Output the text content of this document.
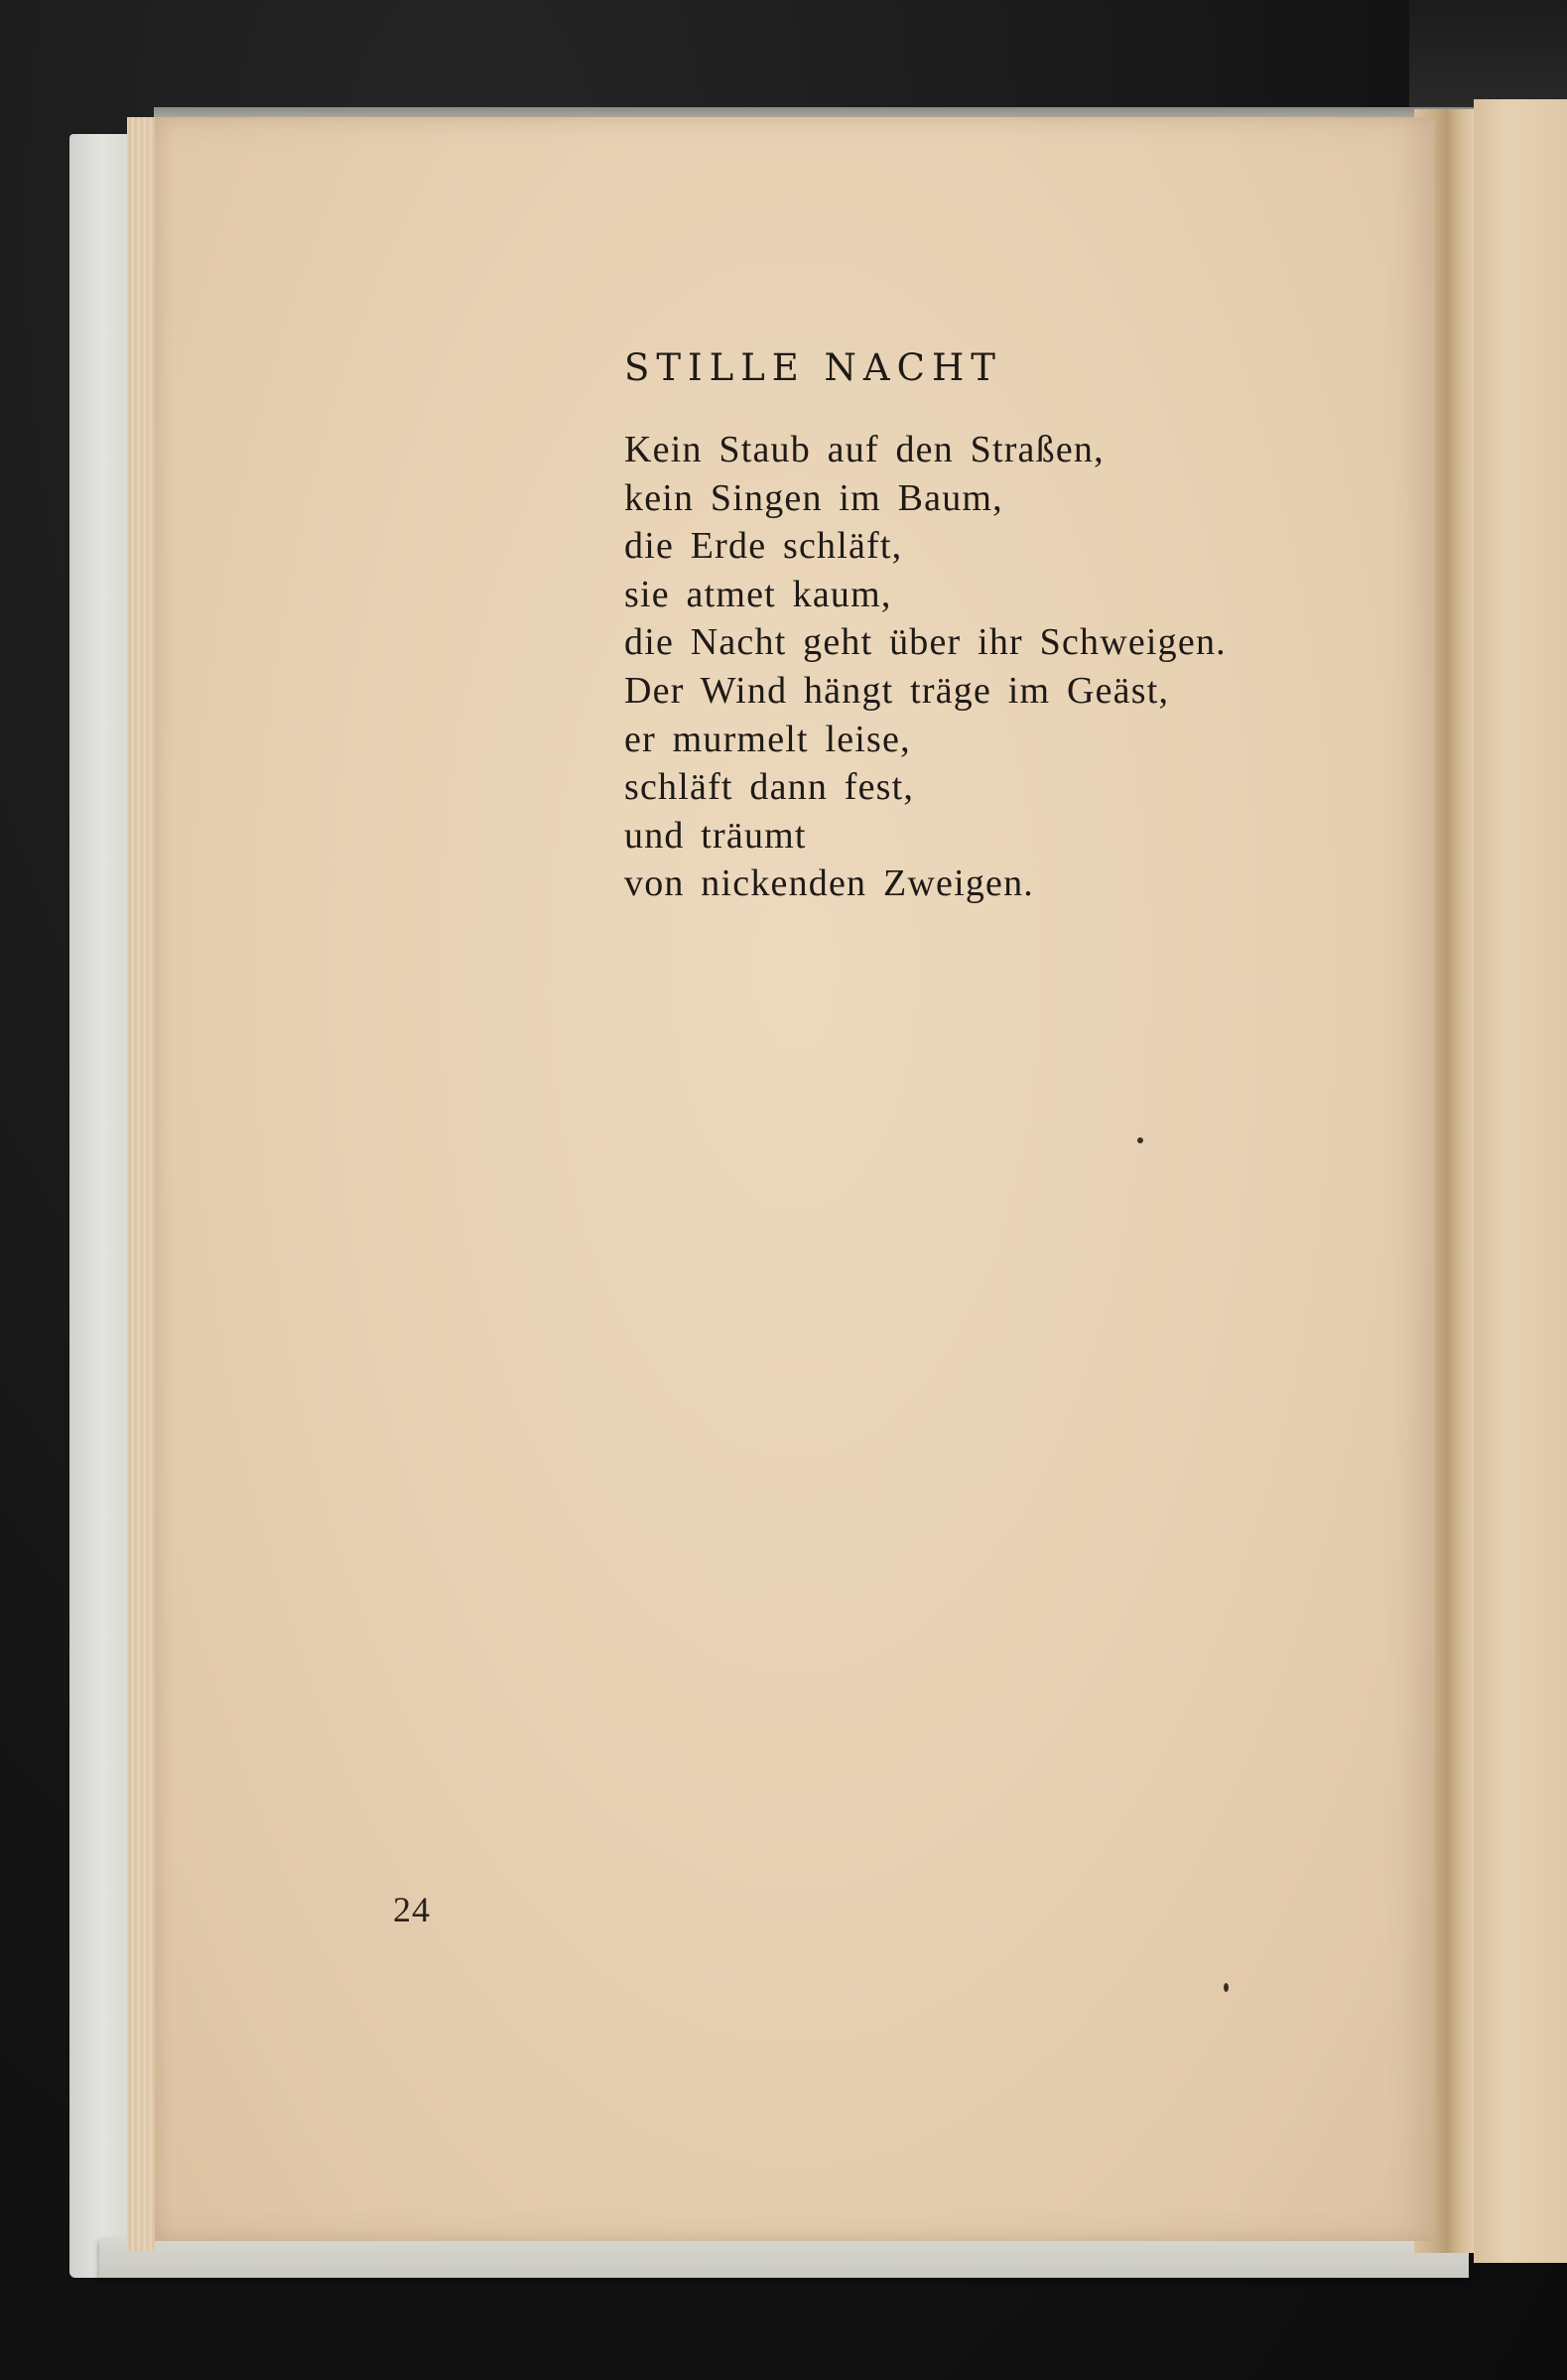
STILLE NACHT
Kein Staub auf den Straßen,
kein Singen im Baum,
die Erde schläft,
sie atmet kaum,
die Nacht geht über ihr Schweigen.
Der Wind hängt träge im Geäst,
er murmelt leise,
schläft dann fest,
und träumt
von nickenden Zweigen.
24
